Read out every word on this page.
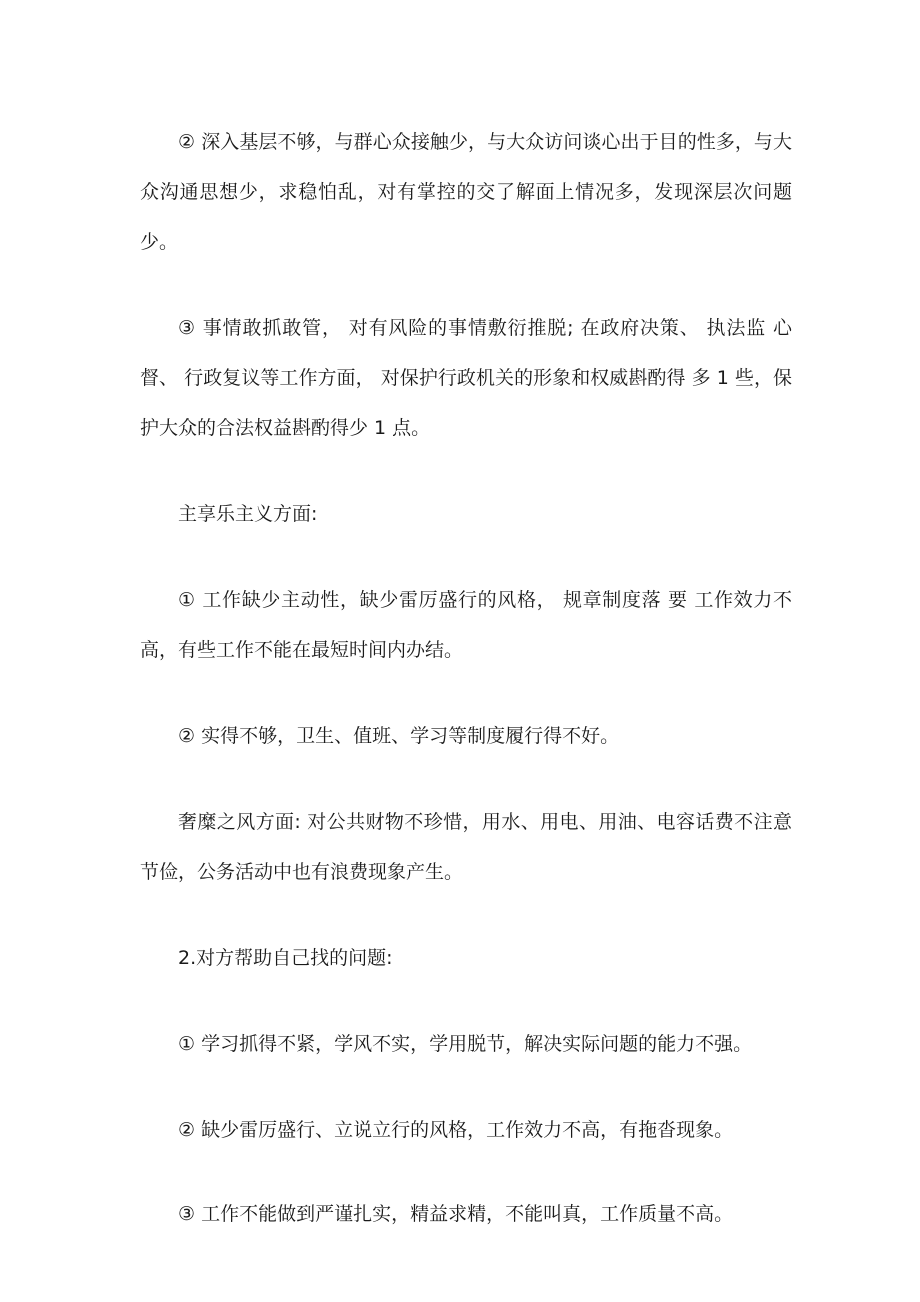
② 深入基层不够，与群心众接触少，与大众访问谈心出于目的性多，与大众沟通思想少，求稳怕乱，对有掌控的交了解面上情况多，发现深层次问题少。

③ 事情敢抓敢管， 对有风险的事情敷衍推脱; 在政府决策、 执法监 心 督、 行政复议等工作方面， 对保护行政机关的形象和权威斟酌得 多 1 些，保护大众的合法权益斟酌得少 1 点。

主享乐主义方面:

① 工作缺少主动性，缺少雷厉盛行的风格， 规章制度落 要 工作效力不高，有些工作不能在最短时间内办结。

② 实得不够，卫生、值班、学习等制度履行得不好。

奢糜之风方面: 对公共财物不珍惜，用水、用电、用油、电容话费不注意节俭，公务活动中也有浪费现象产生。

2.对方帮助自己找的问题:

① 学习抓得不紧，学风不实，学用脱节，解决实际问题的能力不强。

② 缺少雷厉盛行、立说立行的风格，工作效力不高，有拖沓现象。

③ 工作不能做到严谨扎实，精益求精，不能叫真，工作质量不高。
